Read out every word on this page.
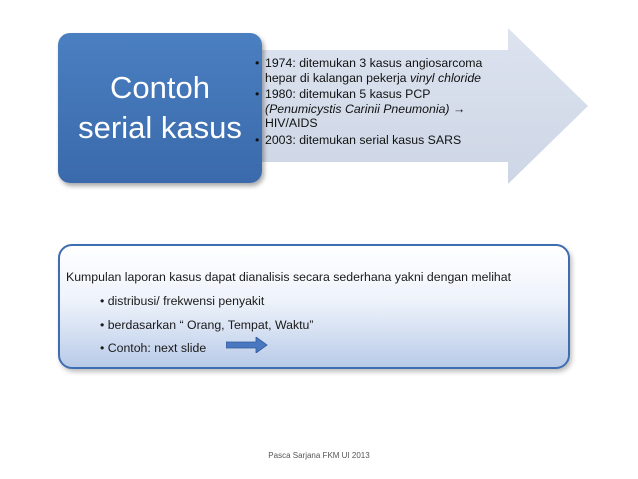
Contoh
serial kasus
• 1974: ditemukan 3 kasus angiosarcoma
hepar di kalangan pekerja vinyl chloride
• 1980: ditemukan 5 kasus PCP
(Penumicystis Carinii Pneumonia) →
HIV/AIDS
• 2003: ditemukan serial kasus SARS
Kumpulan laporan kasus dapat dianalisis secara sederhana yakni dengan melihat
• distribusi/ frekwensi penyakit
• berdasarkan “ Orang, Tempat, Waktu”
• Contoh: next slide
Pasca Sarjana FKM UI 2013
